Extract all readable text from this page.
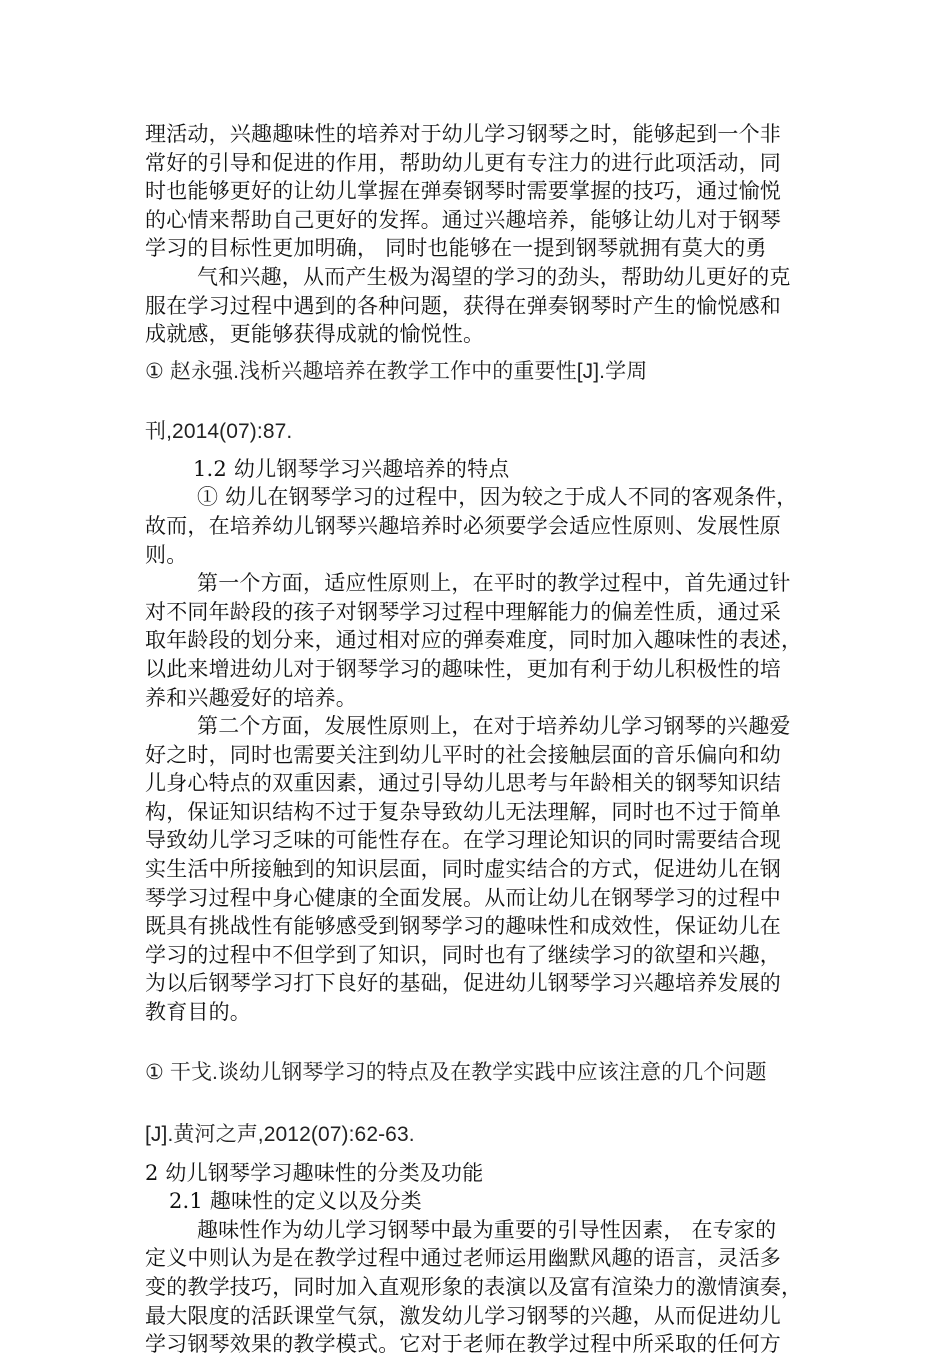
理活动，兴趣趣味性的培养对于幼儿学习钢琴之时，能够起到一个非
常好的引导和促进的作用，帮助幼儿更有专注力的进行此项活动，同
时也能够更好的让幼儿掌握在弹奏钢琴时需要掌握的技巧，通过愉悦
的心情来帮助自己更好的发挥。通过兴趣培养，能够让幼儿对于钢琴
学习的目标性更加明确， 同时也能够在一提到钢琴就拥有莫大的勇
气和兴趣，从而产生极为渴望的学习的劲头，帮助幼儿更好的克
服在学习过程中遇到的各种问题，获得在弹奏钢琴时产生的愉悦感和
成就感，更能够获得成就的愉悦性。
① 赵永强.浅析兴趣培养在教学工作中的重要性[J].学周
刊,2014(07):87.
1.2 幼儿钢琴学习兴趣培养的特点
① 幼儿在钢琴学习的过程中，因为较之于成人不同的客观条件，
故而，在培养幼儿钢琴兴趣培养时必须要学会适应性原则、发展性原
则。
第一个方面，适应性原则上，在平时的教学过程中，首先通过针
对不同年龄段的孩子对钢琴学习过程中理解能力的偏差性质，通过采
取年龄段的划分来，通过相对应的弹奏难度，同时加入趣味性的表述，
以此来增进幼儿对于钢琴学习的趣味性，更加有利于幼儿积极性的培
养和兴趣爱好的培养。
第二个方面，发展性原则上，在对于培养幼儿学习钢琴的兴趣爱
好之时，同时也需要关注到幼儿平时的社会接触层面的音乐偏向和幼
儿身心特点的双重因素，通过引导幼儿思考与年龄相关的钢琴知识结
构，保证知识结构不过于复杂导致幼儿无法理解，同时也不过于简单
导致幼儿学习乏味的可能性存在。在学习理论知识的同时需要结合现
实生活中所接触到的知识层面，同时虚实结合的方式，促进幼儿在钢
琴学习过程中身心健康的全面发展。从而让幼儿在钢琴学习的过程中
既具有挑战性有能够感受到钢琴学习的趣味性和成效性，保证幼儿在
学习的过程中不但学到了知识，同时也有了继续学习的欲望和兴趣，
为以后钢琴学习打下良好的基础，促进幼儿钢琴学习兴趣培养发展的
教育目的。
① 干戈.谈幼儿钢琴学习的特点及在教学实践中应该注意的几个问题
[J].黄河之声,2012(07):62-63.
2 幼儿钢琴学习趣味性的分类及功能
2.1 趣味性的定义以及分类
趣味性作为幼儿学习钢琴中最为重要的引导性因素， 在专家的
定义中则认为是在教学过程中通过老师运用幽默风趣的语言，灵活多
变的教学技巧，同时加入直观形象的表演以及富有渲染力的激情演奏，
最大限度的活跃课堂气氛，激发幼儿学习钢琴的兴趣，从而促进幼儿
学习钢琴效果的教学模式。它对于老师在教学过程中所采取的任何方
